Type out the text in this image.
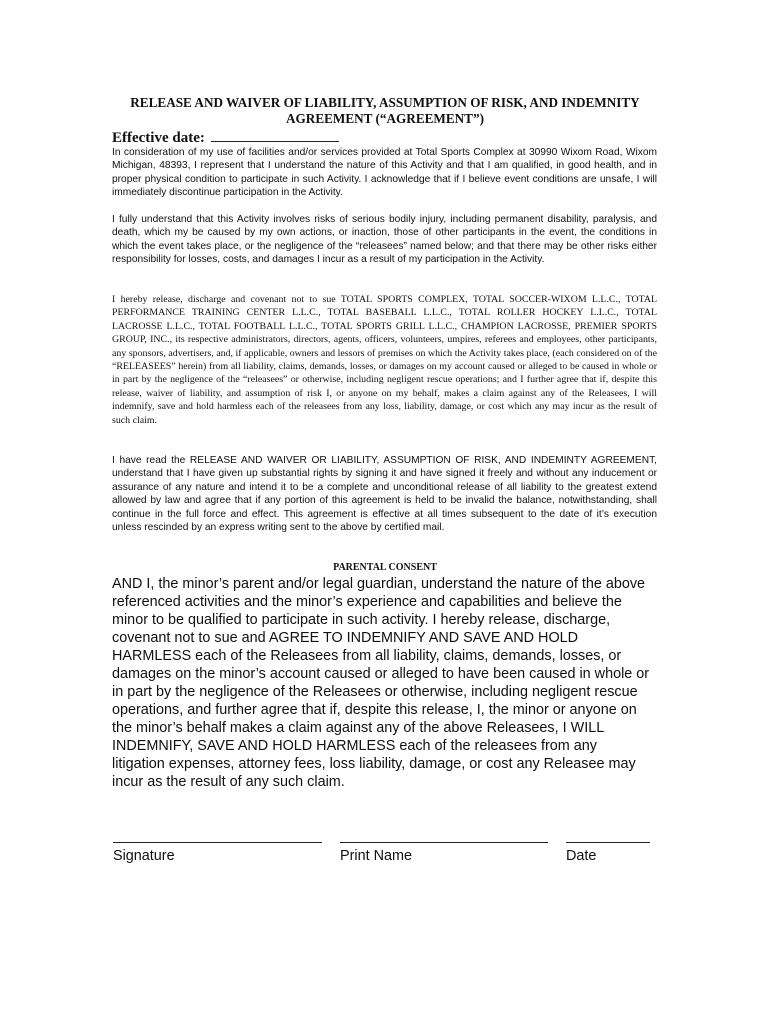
RELEASE AND WAIVER OF LIABILITY, ASSUMPTION OF RISK, AND INDEMNITY AGREEMENT (“AGREEMENT”)
Effective date:

In consideration of my use of facilities and/or services provided at Total Sports Complex at 30990 Wixom Road, Wixom Michigan, 48393, I represent that I understand the nature of this Activity and that I am qualified, in good health, and in proper physical condition to participate in such Activity. I acknowledge that if I believe event conditions are unsafe, I will immediately discontinue participation in the Activity.

I fully understand that this Activity involves risks of serious bodily injury, including permanent disability, paralysis, and death, which my be caused by my own actions, or inaction, those of other participants in the event, the conditions in which the event takes place, or the negligence of the “releasees” named below; and that there may be other risks either responsibility for losses, costs, and damages I incur as a result of my participation in the Activity.

I hereby release, discharge and covenant not to sue TOTAL SPORTS COMPLEX, TOTAL SOCCER-WIXOM L.L.C., TOTAL PERFORMANCE TRAINING CENTER L.L.C., TOTAL BASEBALL L.L.C., TOTAL ROLLER HOCKEY L.L.C., TOTAL LACROSSE L.L.C., TOTAL FOOTBALL L.L.C., TOTAL SPORTS GRILL L.L.C., CHAMPION LACROSSE, PREMIER SPORTS GROUP, INC., its respective administrators, directors, agents, officers, volunteers, umpires, referees and employees, other participants, any sponsors, advertisers, and, if applicable, owners and lessors of premises on which the Activity takes place, (each considered on of the “RELEASEES” herein) from all liability, claims, demands, losses, or damages on my account caused or alleged to be caused in whole or in part by the negligence of the “releasees” or otherwise, including negligent rescue operations; and I further agree that if, despite this release, waiver of liability, and assumption of risk I, or anyone on my behalf, makes a claim against any of the Releasees, I will indemnify, save and hold harmless each of the releasees from any loss, liability, damage, or cost which any may incur as the result of such claim.

I have read the RELEASE AND WAIVER OR LIABILITY, ASSUMPTION OF RISK, AND INDEMINTY AGREEMENT, understand that I have given up substantial rights by signing it and have signed it freely and without any inducement or assurance of any nature and intend it to be a complete and unconditional release of all liability to the greatest extend allowed by law and agree that if any portion of this agreement is held to be invalid the balance, notwithstanding, shall continue in the full force and effect. This agreement is effective at all times subsequent to the date of it’s execution unless rescinded by an express writing sent to the above by certified mail.

PARENTAL CONSENT

AND I, the minor’s parent and/or legal guardian, understand the nature of the above referenced activities and the minor’s experience and capabilities and believe the minor to be qualified to participate in such activity. I hereby release, discharge, covenant not to sue and AGREE TO INDEMNIFY AND SAVE AND HOLD HARMLESS each of the Releasees from all liability, claims, demands, losses, or damages on the minor’s account caused or alleged to have been caused in whole or in part by the negligence of the Releasees or otherwise, including negligent rescue operations, and further agree that if, despite this release, I, the minor or anyone on the minor’s behalf makes a claim against any of the above Releasees, I WILL INDEMNIFY, SAVE AND HOLD HARMLESS each of the releasees from any litigation expenses, attorney fees, loss liability, damage, or cost any Releasee may incur as the result of any such claim.

Signature	Print Name	Date
